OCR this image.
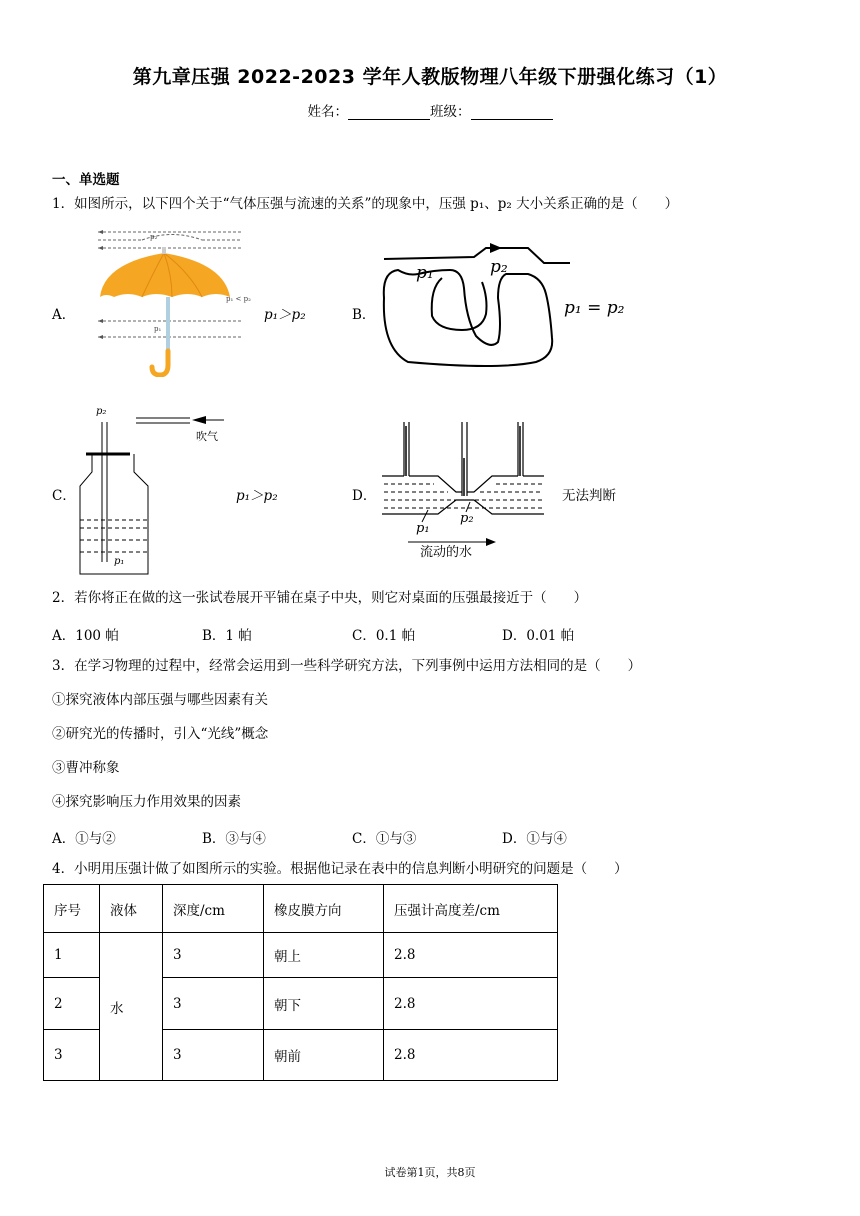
第九章压强 2022-2023 学年人教版物理八年级下册强化练习（1）
姓名：	班级：
一、单选题
1．如图所示，以下四个关于“气体压强与流速的关系”的现象中，压强 p₁、p₂ 大小关系正确的是（　　）
A．
p₂
p₁ < p₂
p₁
p₁＞p₂	B．
p₁	p₂
p₁ = p₂
C．
p₂
吹气
p₁
p₁＞p₂	D．
p₁
p₂
流动的水
无法判断
2．若你将正在做的这一张试卷展开平铺在桌子中央，则它对桌面的压强最接近于（　　）
A．100 帕	B．1 帕	C．0.1 帕	D．0.01 帕
3．在学习物理的过程中，经常会运用到一些科学研究方法，下列事例中运用方法相同的是（　　）
①探究液体内部压强与哪些因素有关
②研究光的传播时，引入“光线”概念
③曹冲称象
④探究影响压力作用效果的因素
A．①与②	B．③与④	C．①与③	D．①与④
4．小明用压强计做了如图所示的实验。根据他记录在表中的信息判断小明研究的问题是（　　）
序号	液体	深度/cm	橡皮膜方向	压强计高度差/cm
1	水	3	朝上	2.8
2		3	朝下	2.8
3		3	朝前	2.8
试卷第1页，共8页
